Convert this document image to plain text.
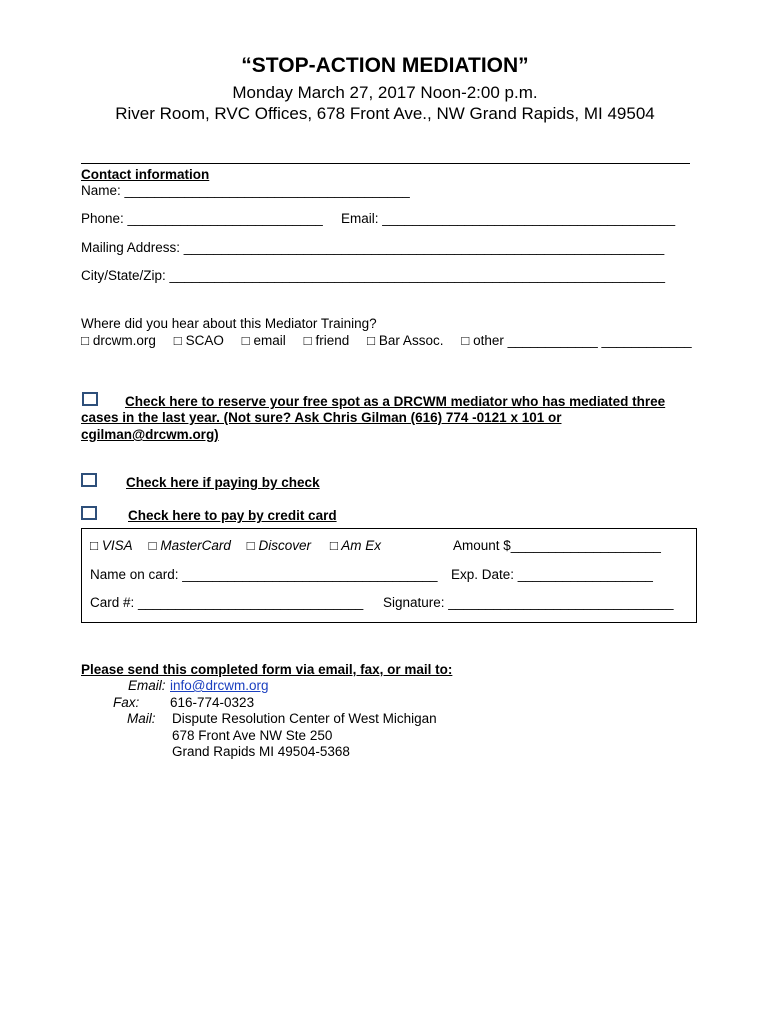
“STOP-ACTION MEDIATION”
Monday March 27, 2017 Noon-2:00 p.m.
River Room, RVC Offices, 678 Front Ave., NW Grand Rapids, MI 49504
Contact information
Name: ______________________________________
Phone: __________________________ Email: _______________________________________
Mailing Address: ________________________________________________________________
City/State/Zip: __________________________________________________________________
Where did you hear about this Mediator Training?
□ drcwm.org □ SCAO □ email □ friend □ Bar Assoc. □ other ____________ ____________
Check here to reserve your free spot as a DRCWM mediator who has mediated three
cases in the last year. (Not sure? Ask Chris Gilman (616) 774 -0121 x 101 or
cgilman@drcwm.org)
Check here if paying by check
Check here to pay by credit card
□ VISA □ MasterCard □ Discover □ Am Ex	Amount $____________________
Name on card: __________________________________ Exp. Date: __________________
Card #: ______________________________ Signature: ______________________________
Please send this completed form via email, fax, or mail to:
Email: info@drcwm.org
Fax: 616-774-0323
Mail: Dispute Resolution Center of West Michigan
678 Front Ave NW Ste 250
Grand Rapids MI 49504-5368
